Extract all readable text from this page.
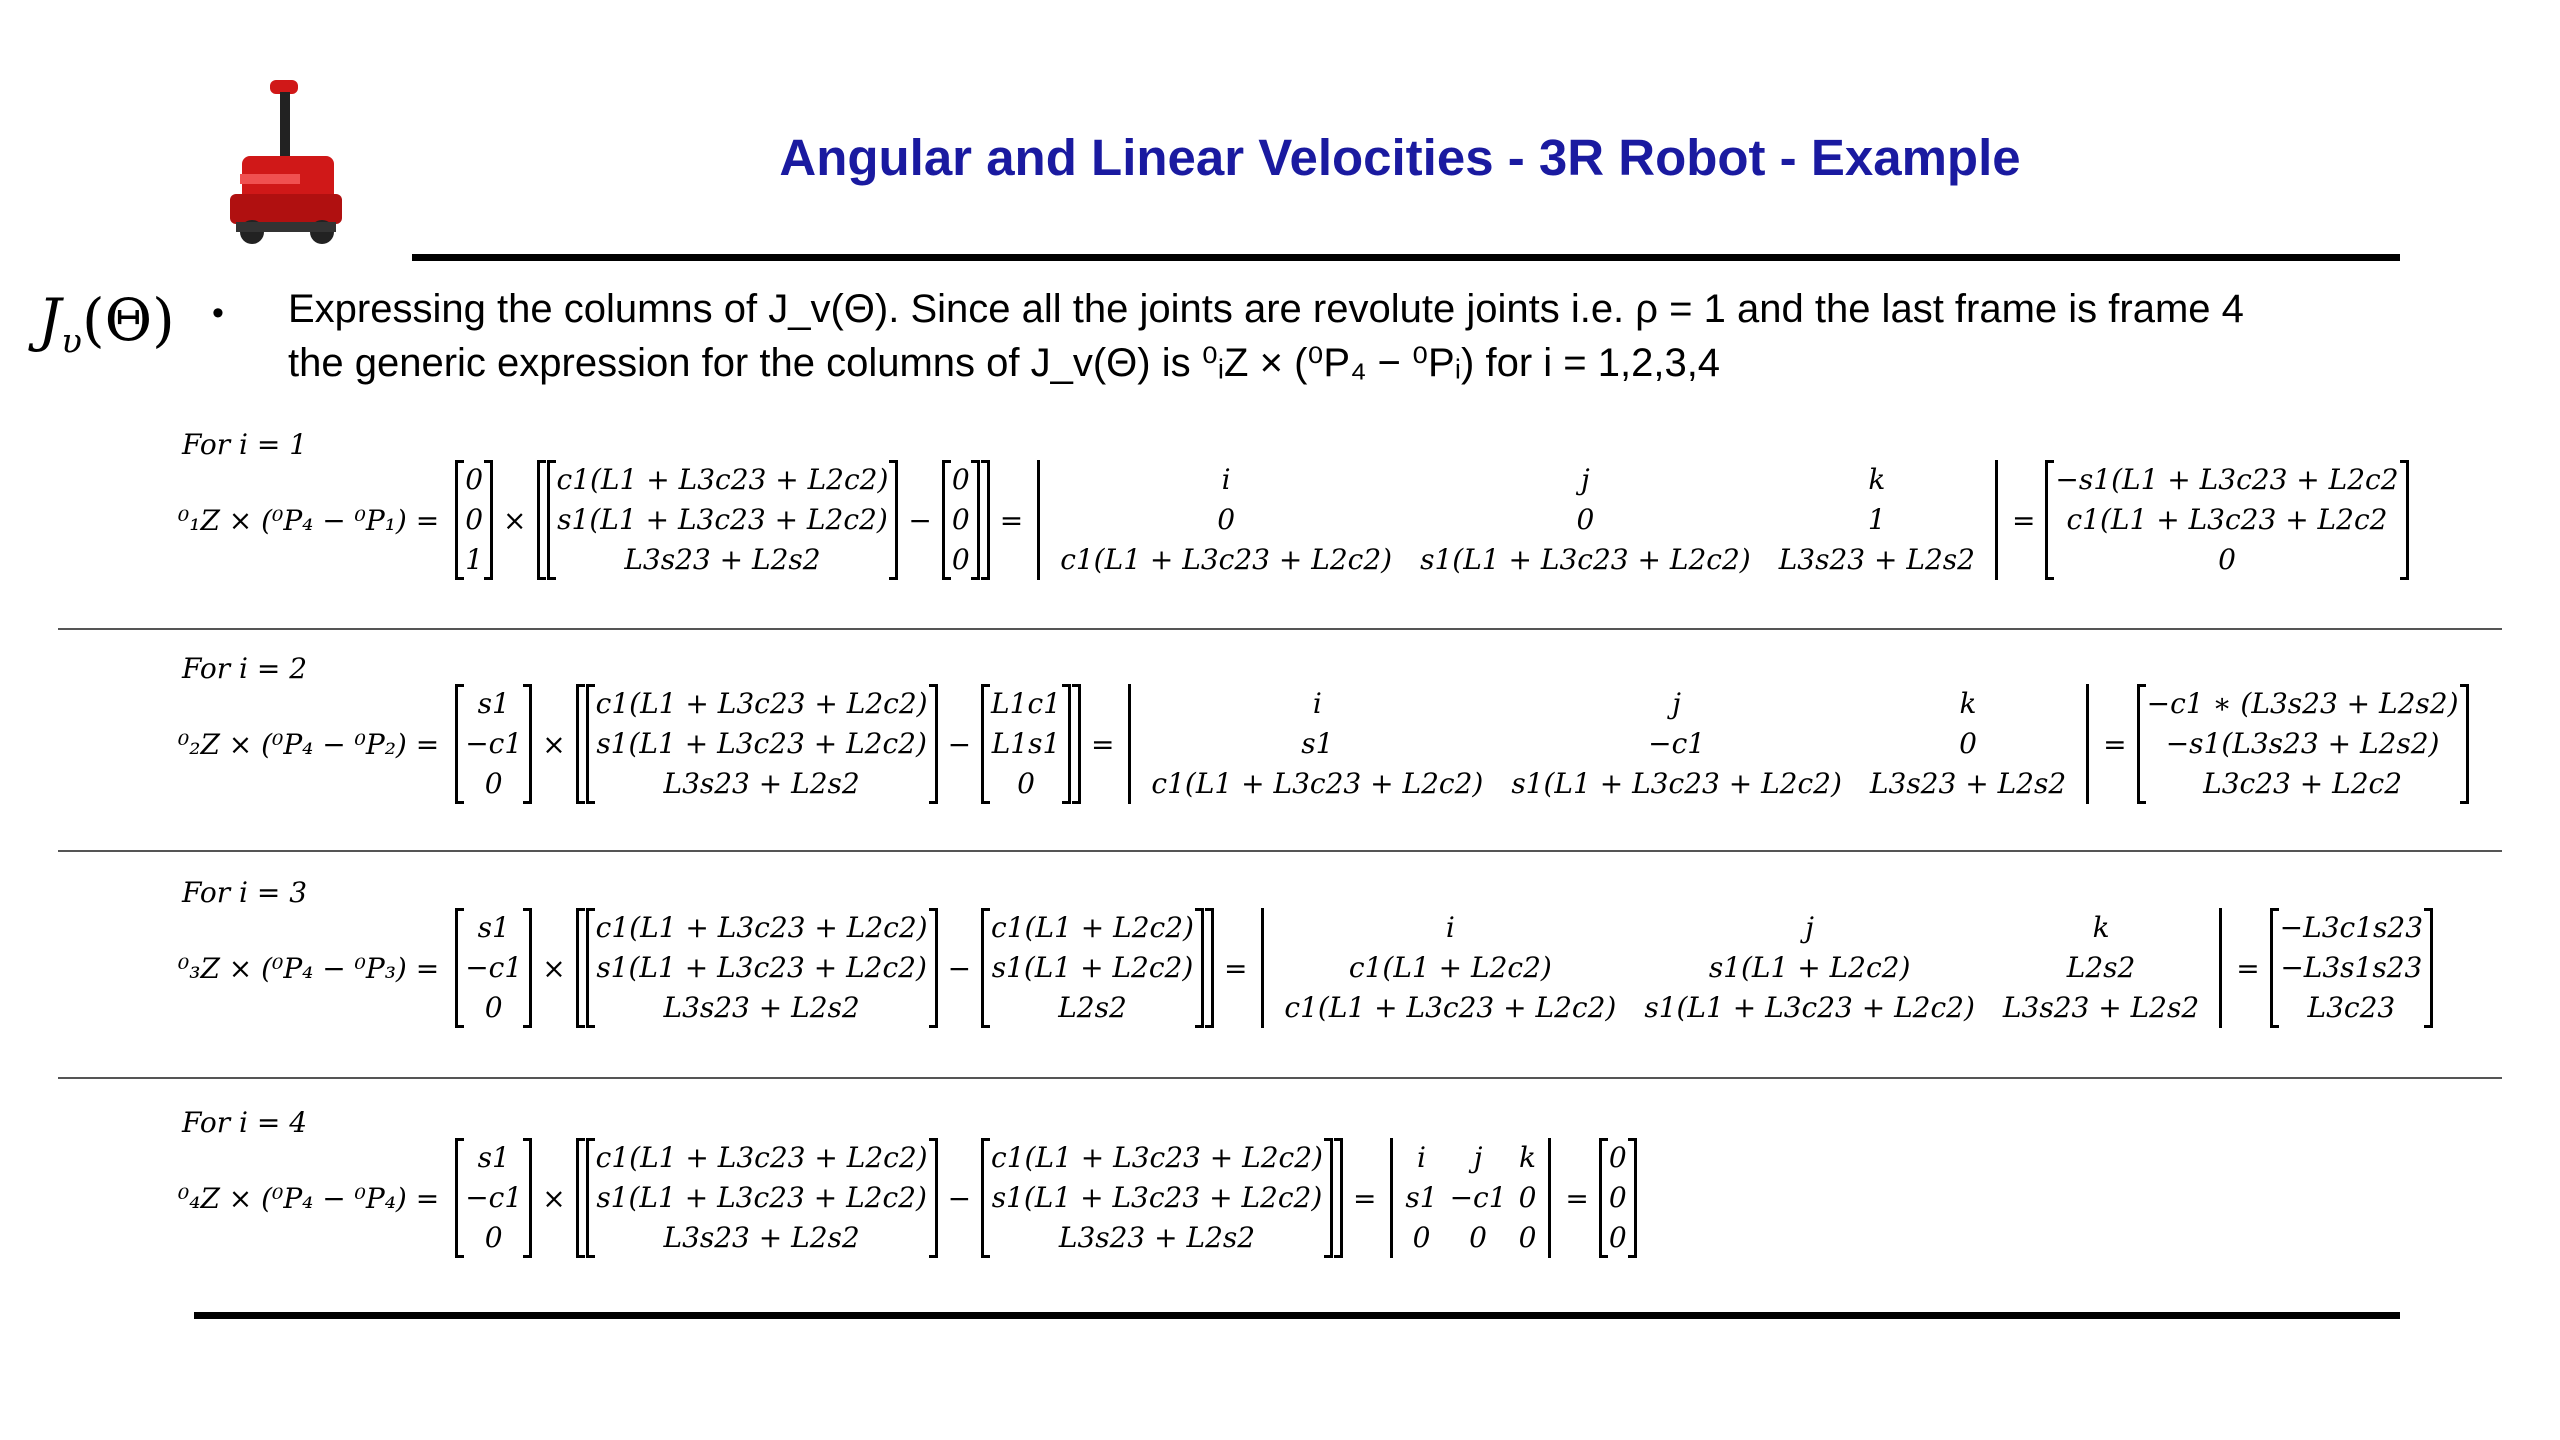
Angular and Linear Velocities - 3R Robot - Example
$J_\upsilon(\Theta)$ • Expressing the columns of J_v(Θ). Since all the joints are revolute joints i.e. ρ = 1 and the last frame is frame 4
the generic expression for the columns of J_v(Θ) is ⁰ᵢZ × (⁰P₄ − ⁰Pᵢ) for i = 1,2,3,4
For i = 1
⁰₁Z × (⁰P₄ − ⁰P₁) =
0
0
1
×
c1(L1 + L3c23 + L2c2)
s1(L1 + L3c23 + L2c2)
L3s23 + L2s2
−
0
0
0
=
i
0
c1(L1 + L3c23 + L2c2)
j
0
s1(L1 + L3c23 + L2c2)
k
1
L3s23 + L2s2
=
−s1(L1 + L3c23 + L2c2
c1(L1 + L3c23 + L2c2
0
For i = 2
⁰₂Z × (⁰P₄ − ⁰P₂) =
s1
−c1
0
×
c1(L1 + L3c23 + L2c2)
s1(L1 + L3c23 + L2c2)
L3s23 + L2s2
−
L1c1
L1s1
0
=
i
s1
c1(L1 + L3c23 + L2c2)
j
−c1
s1(L1 + L3c23 + L2c2)
k
0
L3s23 + L2s2
=
−c1 ∗ (L3s23 + L2s2)
−s1(L3s23 + L2s2)
L3c23 + L2c2
For i = 3
⁰₃Z × (⁰P₄ − ⁰P₃) =
s1
−c1
0
×
c1(L1 + L3c23 + L2c2)
s1(L1 + L3c23 + L2c2)
L3s23 + L2s2
−
c1(L1 + L2c2)
s1(L1 + L2c2)
L2s2
=
i
c1(L1 + L2c2)
c1(L1 + L3c23 + L2c2)
j
s1(L1 + L2c2)
s1(L1 + L3c23 + L2c2)
k
L2s2
L3s23 + L2s2
=
−L3c1s23
−L3s1s23
L3c23
For i = 4
⁰₄Z × (⁰P₄ − ⁰P₄) =
s1
−c1
0
×
c1(L1 + L3c23 + L2c2)
s1(L1 + L3c23 + L2c2)
L3s23 + L2s2
−
c1(L1 + L3c23 + L2c2)
s1(L1 + L3c23 + L2c2)
L3s23 + L2s2
=
i
s1
0
j
−c1
0
k
0
0
=
0
0
0
